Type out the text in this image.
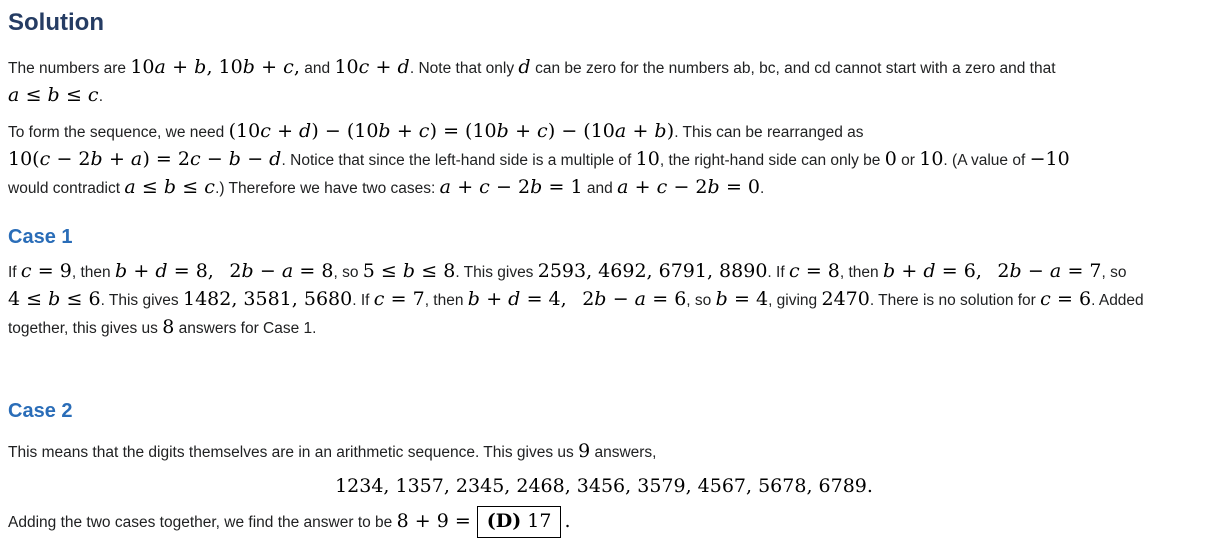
Solution

The numbers are 10a + b, 10b + c, and 10c + d. Note that only d can be zero for the numbers ab, bc, and cd cannot start with a zero and that
a ≤ b ≤ c.

To form the sequence, we need (10c + d) − (10b + c) = (10b + c) − (10a + b). This can be rearranged as
10(c − 2b + a) = 2c − b − d. Notice that since the left-hand side is a multiple of 10, the right-hand side can only be 0 or 10. (A value of −10
would contradict a ≤ b ≤ c.) Therefore we have two cases: a + c − 2b = 1 and a + c − 2b = 0.

Case 1

If c = 9, then b + d = 8,  2b − a = 8, so 5 ≤ b ≤ 8. This gives 2593, 4692, 6791, 8890. If c = 8, then b + d = 6,  2b − a = 7, so
4 ≤ b ≤ 6. This gives 1482, 3581, 5680. If c = 7, then b + d = 4,  2b − a = 6, so b = 4, giving 2470. There is no solution for c = 6. Added
together, this gives us 8 answers for Case 1.

Case 2

This means that the digits themselves are in an arithmetic sequence. This gives us 9 answers,

1234, 1357, 2345, 2468, 3456, 3579, 4567, 5678, 6789.

Adding the two cases together, we find the answer to be 8 + 9 = (D) 17 .
